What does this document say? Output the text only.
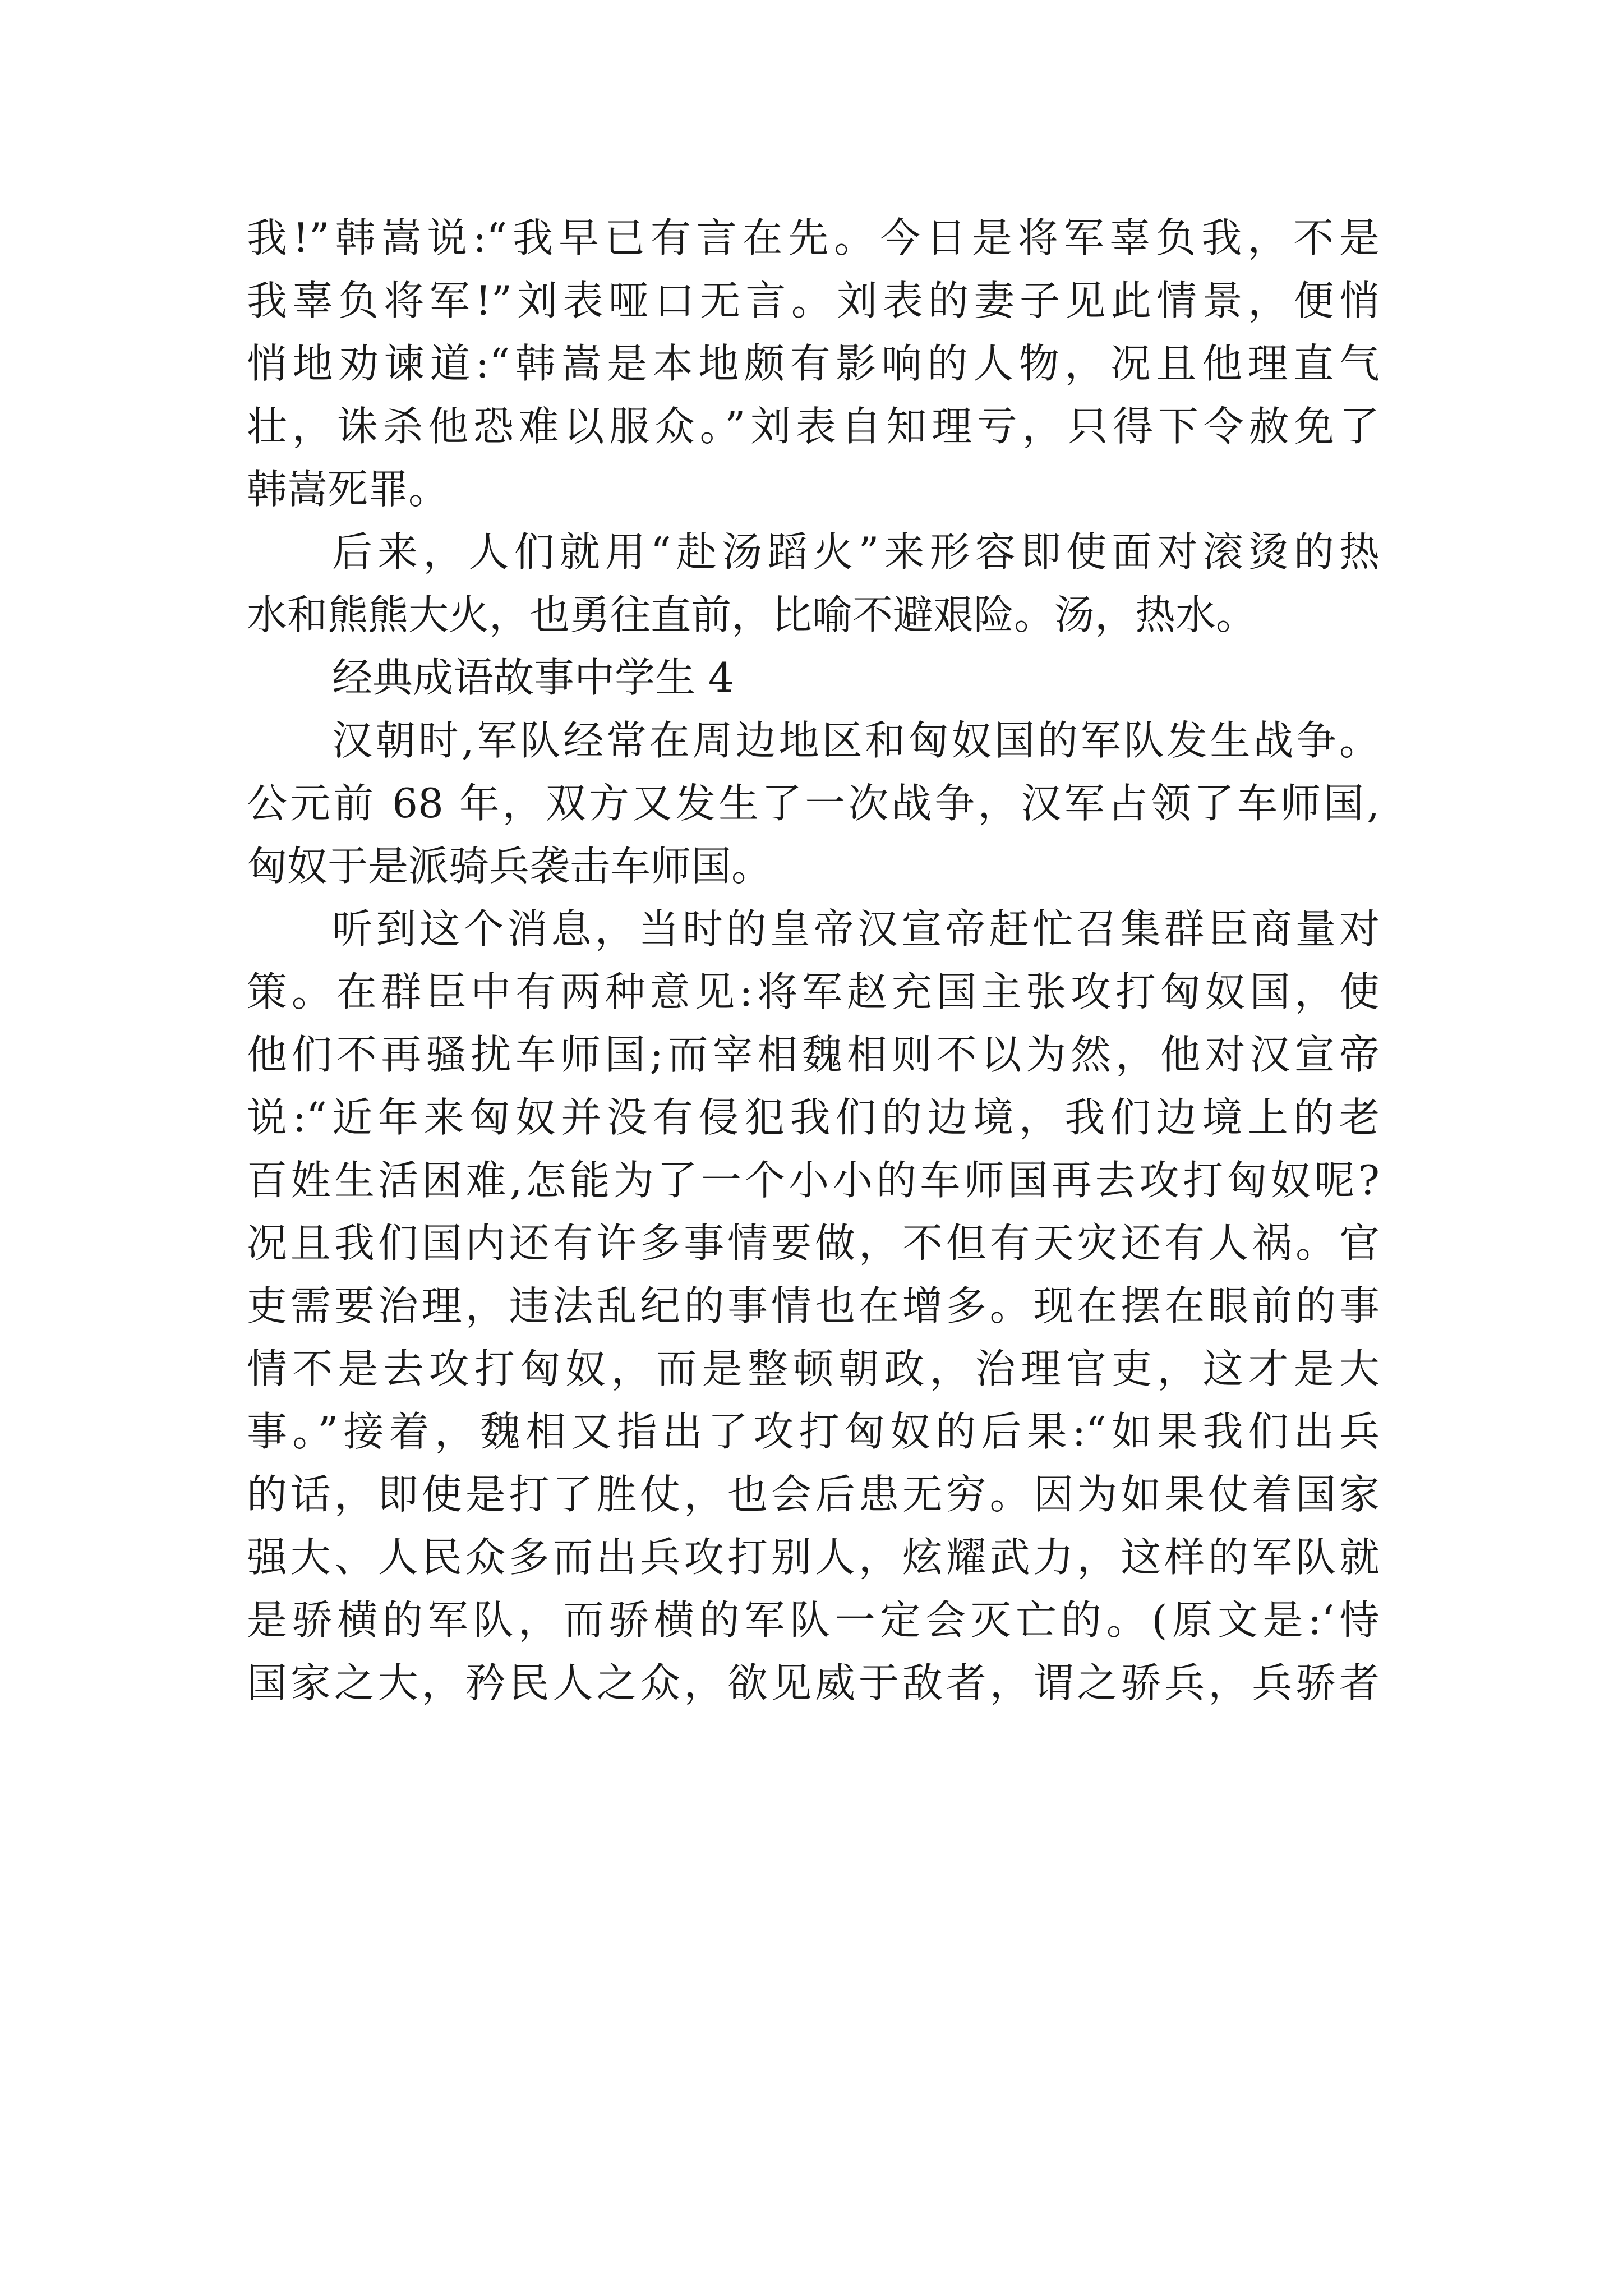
我!”韩嵩说:“我早已有言在先。今日是将军辜负我，不是

我辜负将军!”刘表哑口无言。刘表的妻子见此情景，便悄

悄地劝谏道:“韩嵩是本地颇有影响的人物，况且他理直气

壮，诛杀他恐难以服众。”刘表自知理亏，只得下令赦免了

韩嵩死罪。

后来，人们就用“赴汤蹈火”来形容即使面对滚烫的热

水和熊熊大火，也勇往直前，比喻不避艰险。汤，热水。

经典成语故事中学生 4

汉朝时,军队经常在周边地区和匈奴国的军队发生战争。

公元前 68 年，双方又发生了一次战争，汉军占领了车师国,

匈奴于是派骑兵袭击车师国。

听到这个消息，当时的皇帝汉宣帝赶忙召集群臣商量对

策。在群臣中有两种意见:将军赵充国主张攻打匈奴国，使

他们不再骚扰车师国;而宰相魏相则不以为然，他对汉宣帝

说:“近年来匈奴并没有侵犯我们的边境，我们边境上的老

百姓生活困难,怎能为了一个小小的车师国再去攻打匈奴呢?

况且我们国内还有许多事情要做，不但有天灾还有人祸。官

吏需要治理，违法乱纪的事情也在增多。现在摆在眼前的事

情不是去攻打匈奴，而是整顿朝政，治理官吏，这才是大

事。”接着，魏相又指出了攻打匈奴的后果:“如果我们出兵

的话，即使是打了胜仗，也会后患无穷。因为如果仗着国家

强大、人民众多而出兵攻打别人，炫耀武力，这样的军队就

是骄横的军队，而骄横的军队一定会灭亡的。(原文是:‘恃

国家之大，矜民人之众，欲见威于敌者，谓之骄兵，兵骄者
